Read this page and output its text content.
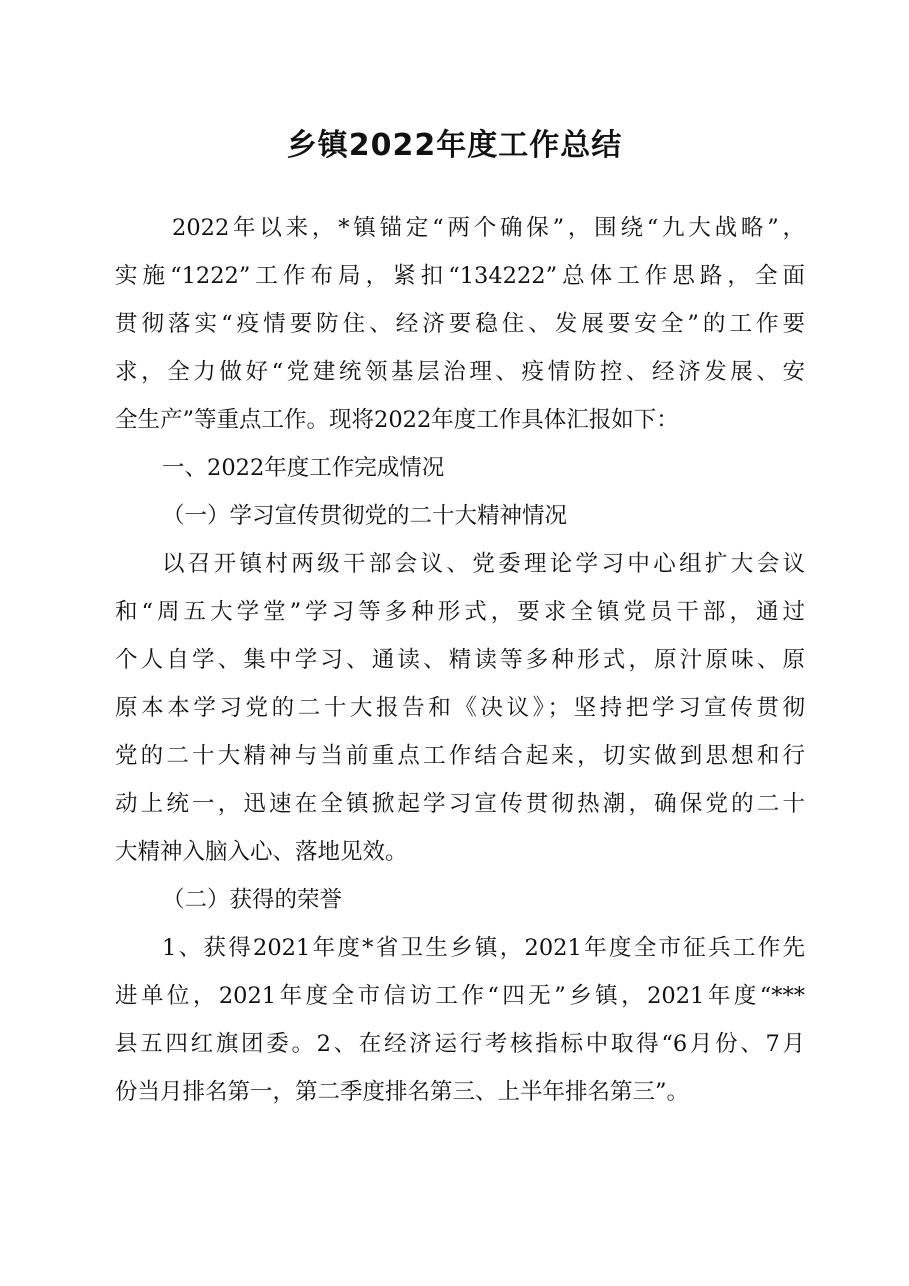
乡镇2022年度工作总结
2022年以来，*镇锚定“两个确保”，围绕“九大战略”，
实施“1222”工作布局，紧扣“134222”总体工作思路，全面
贯彻落实“疫情要防住、经济要稳住、发展要安全”的工作要
求，全力做好“党建统领基层治理、疫情防控、经济发展、安
全生产”等重点工作。现将2022年度工作具体汇报如下：
一、2022年度工作完成情况
（一）学习宣传贯彻党的二十大精神情况
以召开镇村两级干部会议、党委理论学习中心组扩大会议
和“周五大学堂”学习等多种形式，要求全镇党员干部，通过
个人自学、集中学习、通读、精读等多种形式，原汁原味、原
原本本学习党的二十大报告和《决议》；坚持把学习宣传贯彻
党的二十大精神与当前重点工作结合起来，切实做到思想和行
动上统一，迅速在全镇掀起学习宣传贯彻热潮，确保党的二十
大精神入脑入心、落地见效。
（二）获得的荣誉
1、获得2021年度*省卫生乡镇，2021年度全市征兵工作先
进单位，2021年度全市信访工作“四无”乡镇，2021年度“***
县五四红旗团委。2、在经济运行考核指标中取得“6月份、7月
份当月排名第一，第二季度排名第三、上半年排名第三”。
